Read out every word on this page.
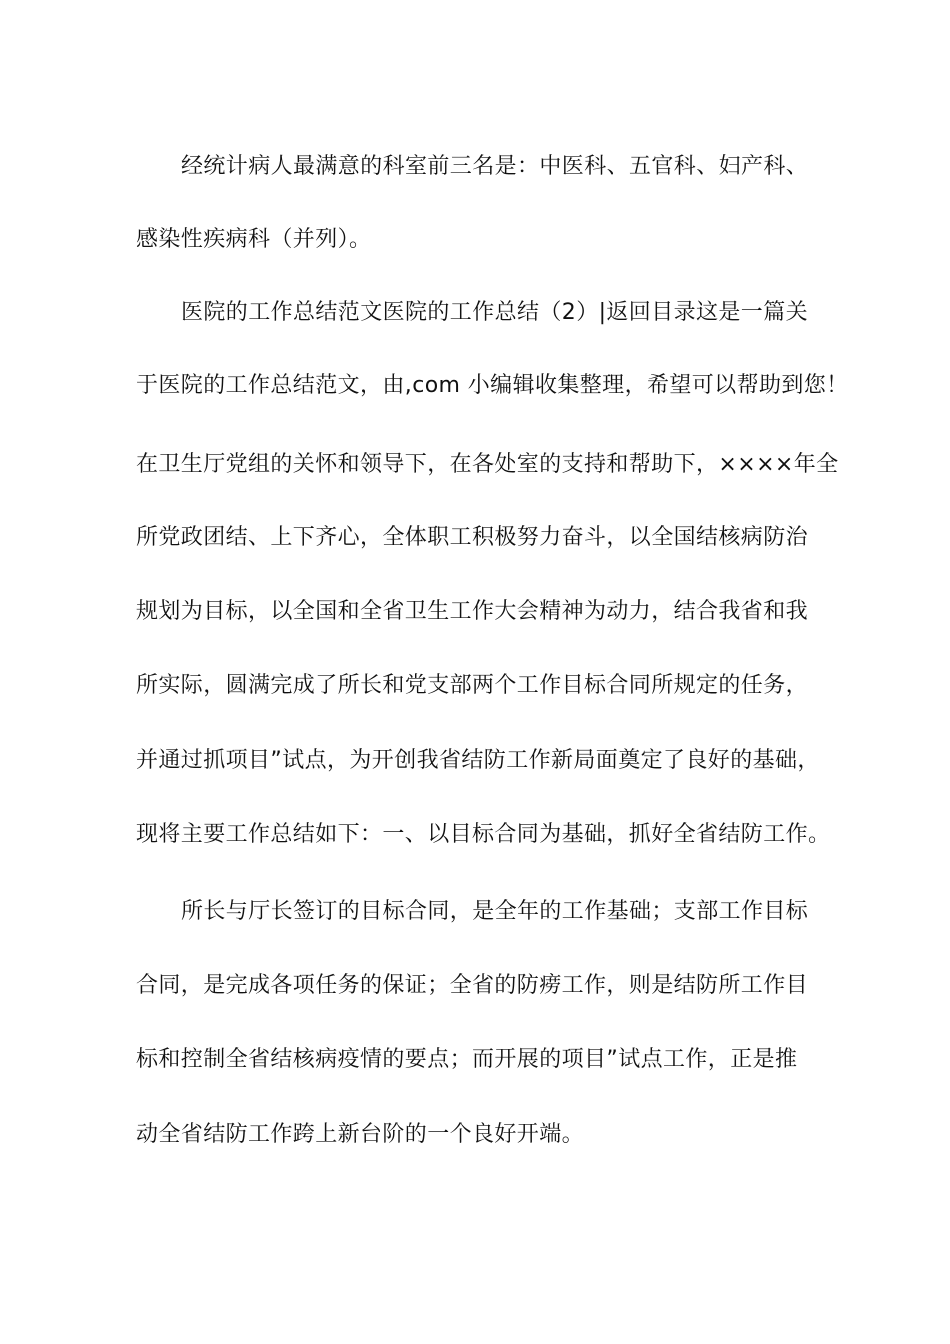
经统计病人最满意的科室前三名是：中医科、五官科、妇产科、
感染性疾病科（并列）。
医院的工作总结范文医院的工作总结（2）|返回目录这是一篇关
于医院的工作总结范文，由,com 小编辑收集整理，希望可以帮助到您！
在卫生厅党组的关怀和领导下，在各处室的支持和帮助下，××××年全
所党政团结、上下齐心，全体职工积极努力奋斗，以全国结核病防治
规划为目标，以全国和全省卫生工作大会精神为动力，结合我省和我
所实际，圆满完成了所长和党支部两个工作目标合同所规定的任务，
并通过抓项目”试点，为开创我省结防工作新局面奠定了良好的基础，
现将主要工作总结如下：一、以目标合同为基础，抓好全省结防工作。
所长与厅长签订的目标合同，是全年的工作基础；支部工作目标
合同，是完成各项任务的保证；全省的防痨工作，则是结防所工作目
标和控制全省结核病疫情的要点；而开展的项目”试点工作，正是推
动全省结防工作跨上新台阶的一个良好开端。
